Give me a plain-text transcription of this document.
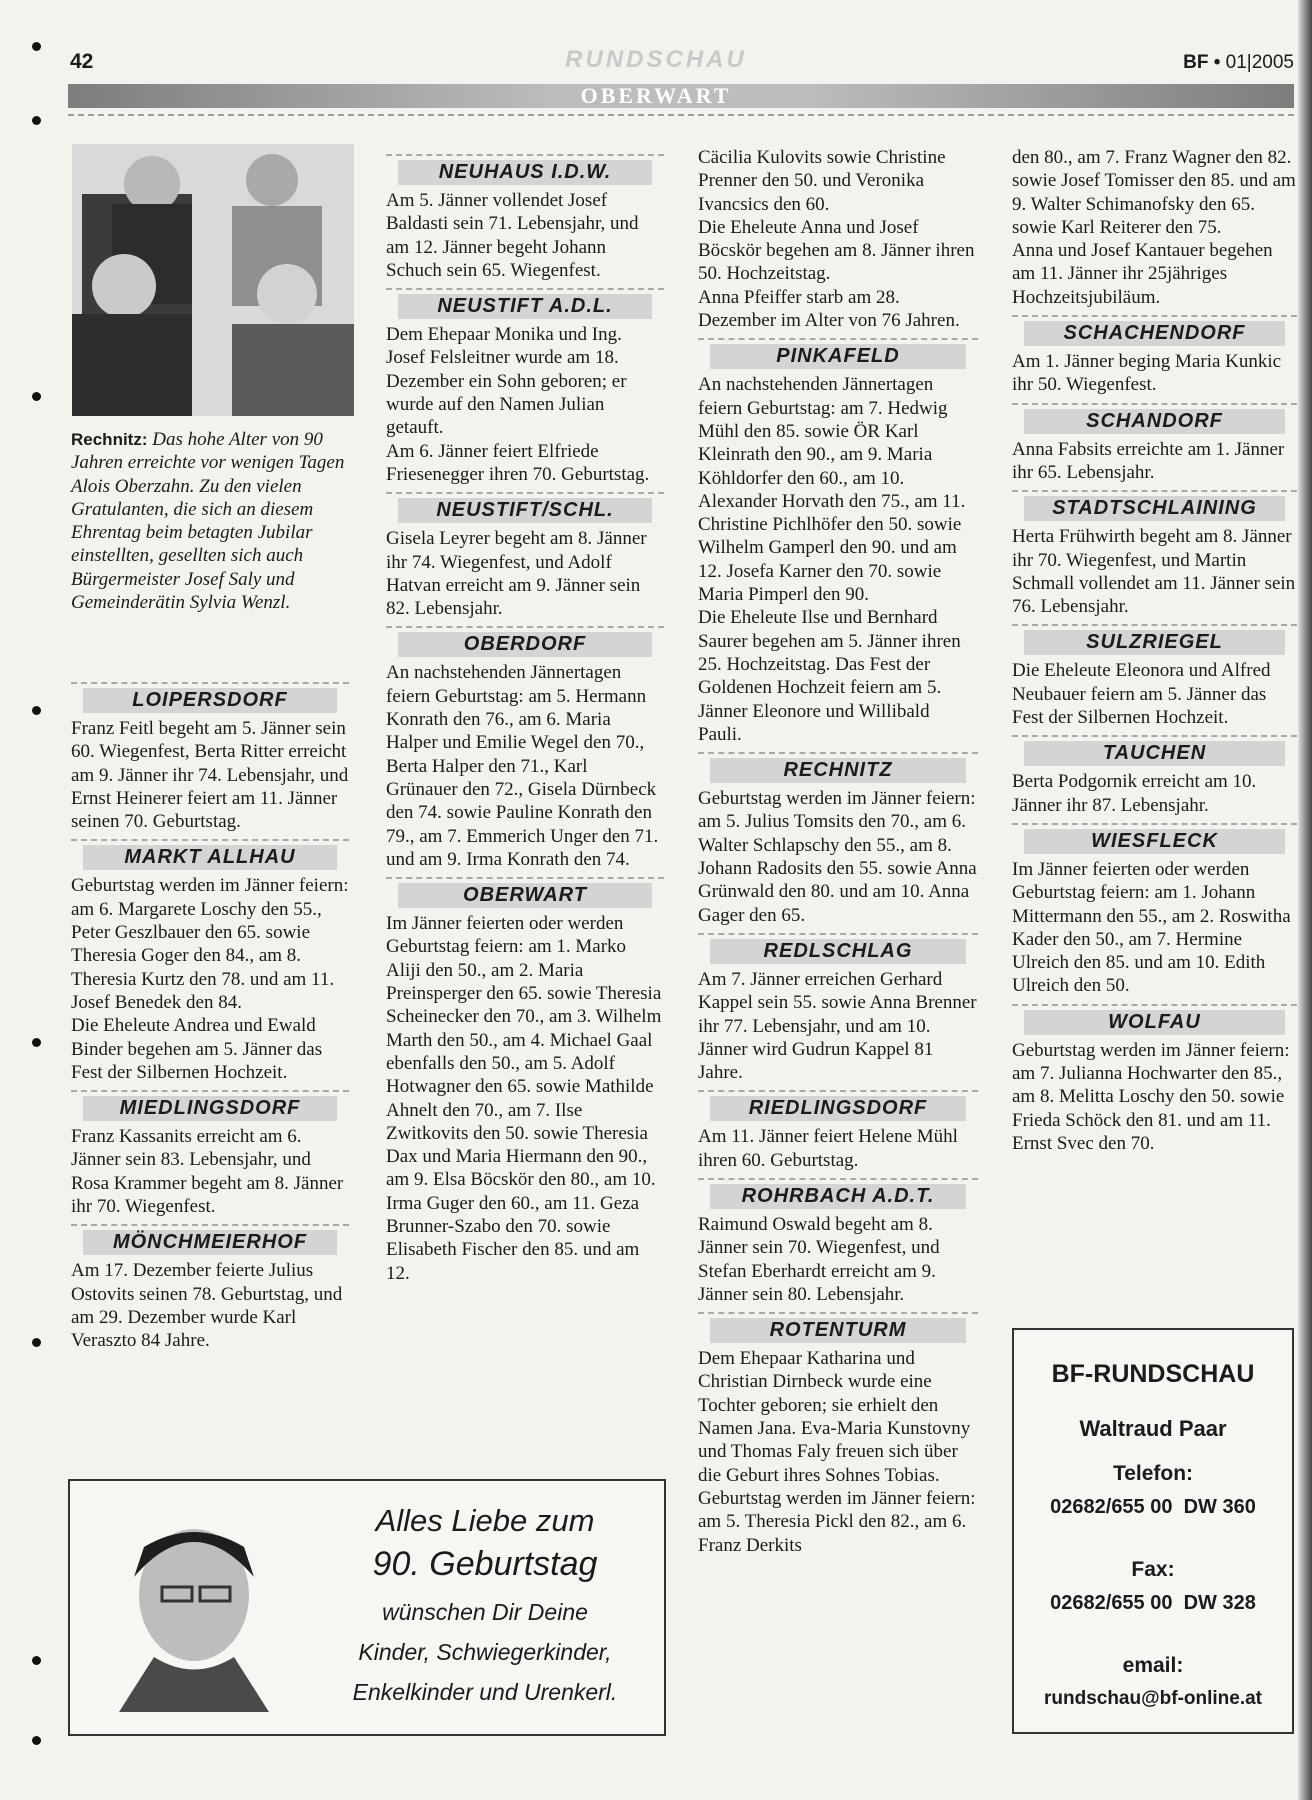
42	RUNDSCHAU
OBERWART
BF • 01|2005
Rechnitz: Das hohe Alter von 90 Jahren erreichte vor wenigen Tagen Alois Oberzahn. Zu den vielen Gratulanten, die sich an diesem Ehrentag beim betagten Jubilar einstellten, gesellten sich auch Bürgermeister Josef Saly und Gemeinderätin Sylvia Wenzl.
LOIPERSDORF

Franz Feitl begeht am 5. Jänner sein 60. Wiegenfest, Berta Ritter erreicht am 9. Jänner ihr 74. Lebensjahr, und Ernst Heinerer feiert am 11. Jänner seinen 70. Geburtstag.

MARKT ALLHAU

Geburtstag werden im Jänner feiern: am 6. Margarete Loschy den 55., Peter Geszlbauer den 65. sowie Theresia Goger den 84., am 8. Theresia Kurtz den 78. und am 11. Josef Benedek den 84.
Die Eheleute Andrea und Ewald Binder begehen am 5. Jänner das Fest der Silbernen Hochzeit.

MIEDLINGSDORF

Franz Kassanits erreicht am 6. Jänner sein 83. Lebensjahr, und Rosa Krammer begeht am 8. Jänner ihr 70. Wiegenfest.

MÖNCHMEIERHOF

Am 17. Dezember feierte Julius Ostovits seinen 78. Geburtstag, und am 29. Dezember wurde Karl Veraszto 84 Jahre.

NEUHAUS I.D.W.

Am 5. Jänner vollendet Josef Baldasti sein 71. Lebensjahr, und am 12. Jänner begeht Johann Schuch sein 65. Wiegenfest.

NEUSTIFT A.D.L.

Dem Ehepaar Monika und Ing. Josef Felsleitner wurde am 18. Dezember ein Sohn geboren; er wurde auf den Namen Julian getauft.
Am 6. Jänner feiert Elfriede Friesenegger ihren 70. Geburtstag.

NEUSTIFT/SCHL.

Gisela Leyrer begeht am 8. Jänner ihr 74. Wiegenfest, und Adolf Hatvan erreicht am 9. Jänner sein 82. Lebensjahr.

OBERDORF

An nachstehenden Jännertagen feiern Geburtstag: am 5. Hermann Konrath den 76., am 6. Maria Halper und Emilie Wegel den 70., Berta Halper den 71., Karl Grünauer den 72., Gisela Dürnbeck den 74. sowie Pauline Konrath den 79., am 7. Emmerich Unger den 71. und am 9. Irma Konrath den 74.

OBERWART

Im Jänner feierten oder werden Geburtstag feiern: am 1. Marko Aliji den 50., am 2. Maria Preinsperger den 65. sowie Theresia Scheinecker den 70., am 3. Wilhelm Marth den 50., am 4. Michael Gaal ebenfalls den 50., am 5. Adolf Hotwagner den 65. sowie Mathilde Ahnelt den 70., am 7. Ilse Zwitkovits den 50. sowie Theresia Dax und Maria Hiermann den 90., am 9. Elsa Böcskör den 80., am 10. Irma Guger den 60., am 11. Geza Brunner-Szabo den 70. sowie Elisabeth Fischer den 85. und am 12.

Cäcilia Kulovits sowie Christine Prenner den 50. und Veronika Ivancsics den 60.
Die Eheleute Anna und Josef Böcskör begehen am 8. Jänner ihren 50. Hochzeitstag.
Anna Pfeiffer starb am 28. Dezember im Alter von 76 Jahren.

PINKAFELD

An nachstehenden Jännertagen feiern Geburtstag: am 7. Hedwig Mühl den 85. sowie ÖR Karl Kleinrath den 90., am 9. Maria Köhldorfer den 60., am 10. Alexander Horvath den 75., am 11. Christine Pichlhöfer den 50. sowie Wilhelm Gamperl den 90. und am 12. Josefa Karner den 70. sowie Maria Pimperl den 90.
Die Eheleute Ilse und Bernhard Saurer begehen am 5. Jänner ihren 25. Hochzeitstag. Das Fest der Goldenen Hochzeit feiern am 5. Jänner Eleonore und Willibald Pauli.

RECHNITZ

Geburtstag werden im Jänner feiern: am 5. Julius Tomsits den 70., am 6. Walter Schlapschy den 55., am 8. Johann Radosits den 55. sowie Anna Grünwald den 80. und am 10. Anna Gager den 65.

REDLSCHLAG

Am 7. Jänner erreichen Gerhard Kappel sein 55. sowie Anna Brenner ihr 77. Lebensjahr, und am 10. Jänner wird Gudrun Kappel 81 Jahre.

RIEDLINGSDORF

Am 11. Jänner feiert Helene Mühl ihren 60. Geburtstag.

ROHRBACH A.D.T.

Raimund Oswald begeht am 8. Jänner sein 70. Wiegenfest, und Stefan Eberhardt erreicht am 9. Jänner sein 80. Lebensjahr.

ROTENTURM

Dem Ehepaar Katharina und Christian Dirnbeck wurde eine Tochter geboren; sie erhielt den Namen Jana. Eva-Maria Kunstovny und Thomas Faly freuen sich über die Geburt ihres Sohnes Tobias.
Geburtstag werden im Jänner feiern: am 5. Theresia Pickl den 82., am 6. Franz Derkits

den 80., am 7. Franz Wagner den 82. sowie Josef Tomisser den 85. und am 9. Walter Schimanofsky den 65. sowie Karl Reiterer den 75.
Anna und Josef Kantauer begehen am 11. Jänner ihr 25jähriges Hochzeitsjubiläum.

SCHACHENDORF

Am 1. Jänner beging Maria Kunkic ihr 50. Wiegenfest.

SCHANDORF

Anna Fabsits erreichte am 1. Jänner ihr 65. Lebensjahr.

STADTSCHLAINING

Herta Frühwirth begeht am 8. Jänner ihr 70. Wiegenfest, und Martin Schmall vollendet am 11. Jänner sein 76. Lebensjahr.

SULZRIEGEL

Die Eheleute Eleonora und Alfred Neubauer feiern am 5. Jänner das Fest der Silbernen Hochzeit.

TAUCHEN

Berta Podgornik erreicht am 10. Jänner ihr 87. Lebensjahr.

WIESFLECK

Im Jänner feierten oder werden Geburtstag feiern: am 1. Johann Mittermann den 55., am 2. Roswitha Kader den 50., am 7. Hermine Ulreich den 85. und am 10. Edith Ulreich den 50.

WOLFAU

Geburtstag werden im Jänner feiern: am 7. Julianna Hochwarter den 85., am 8. Melitta Loschy den 50. sowie Frieda Schöck den 81. und am 11. Ernst Svec den 70.

Alles Liebe zum
90. Geburtstag
wünschen Dir Deine
Kinder, Schwiegerkinder,
Enkelkinder und Urenkerl.
BF-RUNDSCHAU
Waltraud Paar
Telefon:
02682/655 00  DW 360
Fax:
02682/655 00  DW 328
email:
rundschau@bf-online.at
